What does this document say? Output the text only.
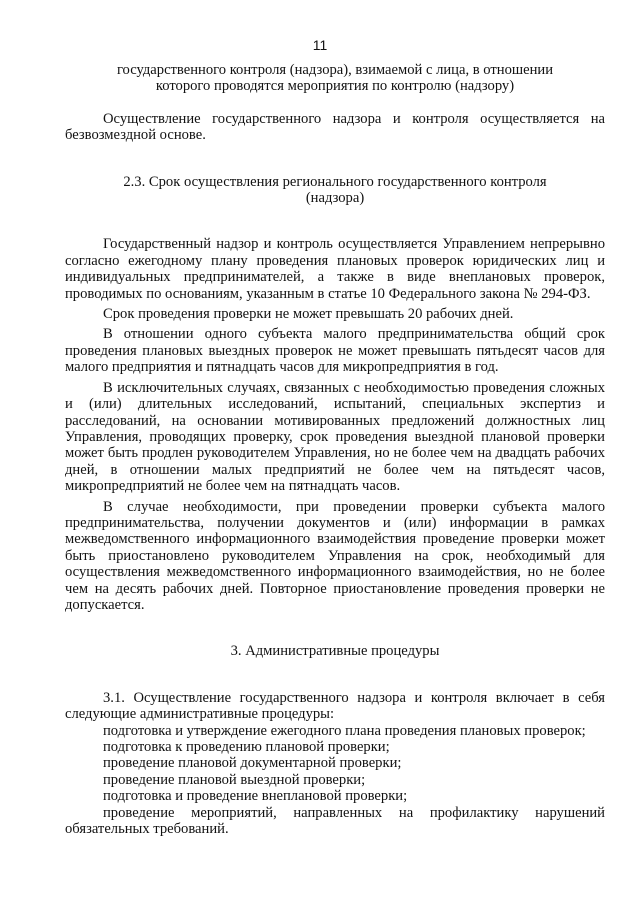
11

государственного контроля (надзора), взимаемой с лица, в отношении которого проводятся мероприятия по контролю (надзору)

Осуществление государственного надзора и контроля осуществляется на безвозмездной основе.

2.3. Срок осуществления регионального государственного контроля (надзора)

Государственный надзор и контроль осуществляется Управлением непрерывно согласно ежегодному плану проведения плановых проверок юридических лиц и индивидуальных предпринимателей, а также в виде внеплановых проверок, проводимых по основаниям, указанным в статье 10 Федерального закона № 294-ФЗ.

Срок проведения проверки не может превышать 20 рабочих дней.

В отношении одного субъекта малого предпринимательства общий срок проведения плановых выездных проверок не может превышать пятьдесят часов для малого предприятия и пятнадцать часов для микропредприятия в год.

В исключительных случаях, связанных с необходимостью проведения сложных и (или) длительных исследований, испытаний, специальных экспертиз и расследований, на основании мотивированных предложений должностных лиц Управления, проводящих проверку, срок проведения выездной плановой проверки может быть продлен руководителем Управления, но не более чем на двадцать рабочих дней, в отношении малых предприятий не более чем на пятьдесят часов, микропредприятий не более чем на пятнадцать часов.

В случае необходимости, при проведении проверки субъекта малого предпринимательства, получении документов и (или) информации в рамках межведомственного информационного взаимодействия проведение проверки может быть приостановлено руководителем Управления на срок, необходимый для осуществления межведомственного информационного взаимодействия, но не более чем на десять рабочих дней. Повторное приостановление проведения проверки не допускается.

3. Административные процедуры

3.1. Осуществление государственного надзора и контроля включает в себя следующие административные процедуры:

подготовка и утверждение ежегодного плана проведения плановых проверок;

подготовка к проведению плановой проверки;

проведение плановой документарной проверки;

проведение плановой выездной проверки;

подготовка и проведение внеплановой проверки;

проведение мероприятий, направленных на профилактику нарушений обязательных требований.
